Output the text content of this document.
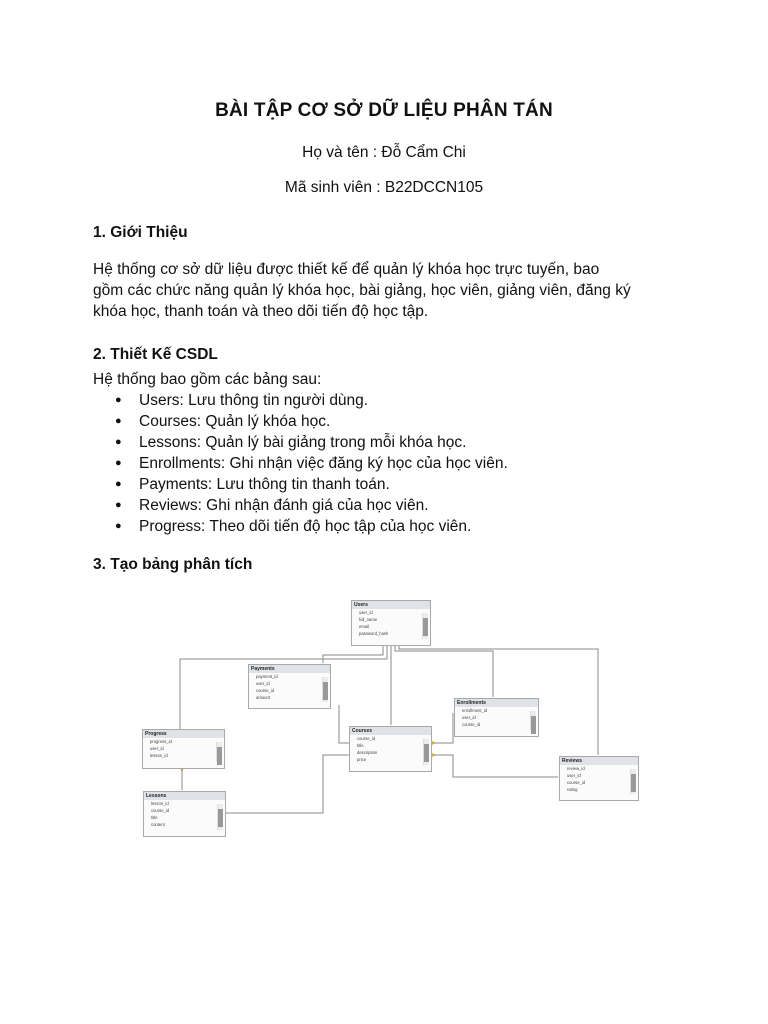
BÀI TẬP CƠ SỞ DỮ LIỆU PHÂN TÁN
Họ và tên : Đỗ Cẩm Chi
Mã sinh viên : B22DCCN105
1. Giới Thiệu
Hệ thống cơ sở dữ liệu được thiết kế để quản lý khóa học trực tuyến, bao
gồm các chức năng quản lý khóa học, bài giảng, học viên, giảng viên, đăng ký
khóa học, thanh toán và theo dõi tiến độ học tập.
2. Thiết Kế CSDL
Hệ thống bao gồm các bảng sau:
● Users: Lưu thông tin người dùng.
● Courses: Quản lý khóa học.
● Lessons: Quản lý bài giảng trong mỗi khóa học.
● Enrollments: Ghi nhận việc đăng ký học của học viên.
● Payments: Lưu thông tin thanh toán.
● Reviews: Ghi nhận đánh giá của học viên.
● Progress: Theo dõi tiến độ học tập của học viên.
3. Tạo bảng phân tích
Users
user_id
full_name
email
password_hash
Payments
payment_id
user_id
course_id
amount
Enrollments
enrollment_id
user_id
course_id
Progress
progress_id
user_id
lesson_id
Courses
course_id
title
description
price	Reviews
review_id
user_id
course_id
rating
Lessons
lesson_id
course_id
title
content
